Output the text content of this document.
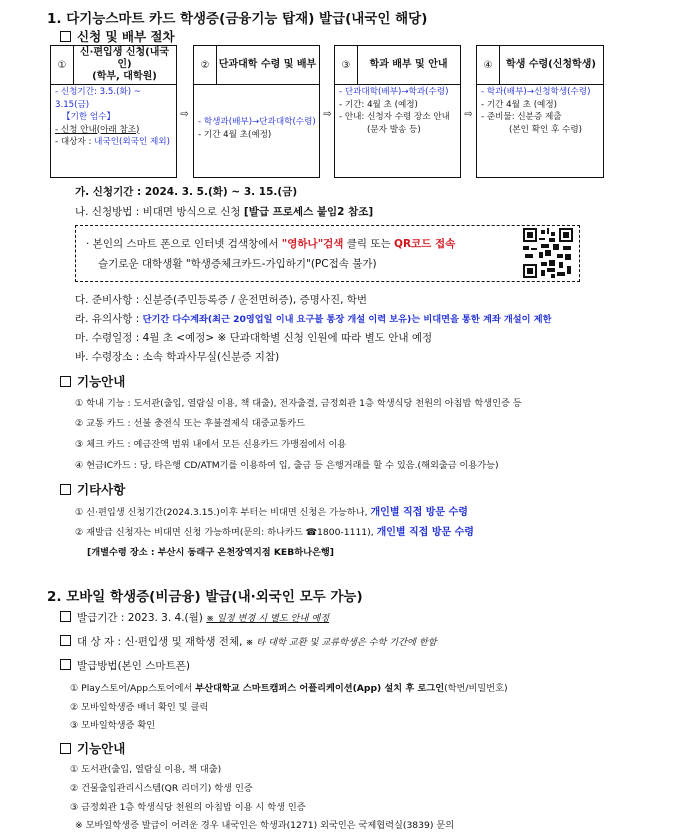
1. 다기능스마트 카드 학생증(금융기능 탑재) 발급(내국인 해당)
신청 및 배부 절차
①
신·편입생 신청(내국인)
(학부, 대학원)
- 신청기간: 3.5.(화) ~ 3.15(금)
【기한 엄수】
- 신청 안내(아래 참조)
- 대상자 : 내국인(외국인 제외)
⇨
② 단과대학 수령 및 배부
- 학생과(배부)→단과대학(수령)
- 기간 4월 초(예정)
⇨
③	학과 배부 및 안내
- 단과대학(배부)→학과(수령)
- 기간: 4월 초 (예정)
- 안내: 신청자 수령 장소 안내
(문자 발송 등)
⇨
④	학생 수령(신청학생)
- 학과(배부)→신청학생(수령)
- 기간 4월 초 (예정)
- 준비물: 신분증 제출
(본인 확인 후 수령)
가. 신청기간 : 2024. 3. 5.(화) ~ 3. 15.(금)
나. 신청방법 : 비대면 방식으로 신청 [발급 프로세스 붙임2 참조]
· 본인의 스마트 폰으로 인터넷 검색창에서 "영하나"검색 클릭 또는 QR코드 접속
슬기로운 대학생활 "학생증체크카드-가입하기"(PC접속 불가)
다. 준비사항 : 신분증(주민등록증 / 운전면허증), 증명사진, 학번
라. 유의사항 : 단기간 다수계좌(최근 20영업일 이내 요구불 통장 개설 이력 보유)는 비대면을 통한 계좌 개설이 제한
마. 수령일정 : 4월 초 <예정> ※ 단과대학별 신청 인원에 따라 별도 안내 예정
바. 수령장소 : 소속 학과사무실(신분증 지참)
기능안내
① 학내 기능 : 도서관(출입, 열람실 이용, 책 대출), 전자출결, 금정회관 1층 학생식당 천원의 아침밥 학생인증 등
② 교통 카드 : 선불 충전식 또는 후불결제식 대중교통카드
③ 체크 카드 : 예금잔액 범위 내에서 모든 신용카드 가맹점에서 이용
④ 현금IC카드 : 당, 타은행 CD/ATM기를 이용하여 입, 출금 등 은행거래를 할 수 있음.(해외출금 이용가능)
기타사항
① 신·편입생 신청기간(2024.3.15.)이후 부터는 비대면 신청은 가능하나, 개인별 직접 방문 수령
② 재발급 신청자는 비대면 신청 가능하며(문의: 하나카드 ☎1800-1111), 개인별 직접 방문 수령
[개별수령 장소 : 부산시 동래구 온천장역지점 KEB하나은행]
2. 모바일 학생증(비금융) 발급(내·외국인 모두 가능)
발급기간 : 2023. 3. 4.(월) ※ 일정 변경 시 별도 안내 예정
대 상 자 : 신·편입생 및 재학생 전체, ※ 타 대학 교환 및 교류학생은 수학 기간에 한함
발급방법(본인 스마트폰)
① Play스토어/App스토어에서 부산대학교 스마트캠퍼스 어플리케이션(App) 설치 후 로그인(학번/비밀번호)
② 모바일학생증 배너 확인 및 클릭
③ 모바일학생증 확인
기능안내
① 도서관(출입, 열람실 이용, 책 대출)
② 건물출입관리시스템(QR 리더기) 학생 인증
③ 금정회관 1층 학생식당 천원의 아침밥 이용 시 학생 인증
※ 모바일학생증 발급이 어려운 경우 내국인은 학생과(1271) 외국인은 국제협력실(3839) 문의
